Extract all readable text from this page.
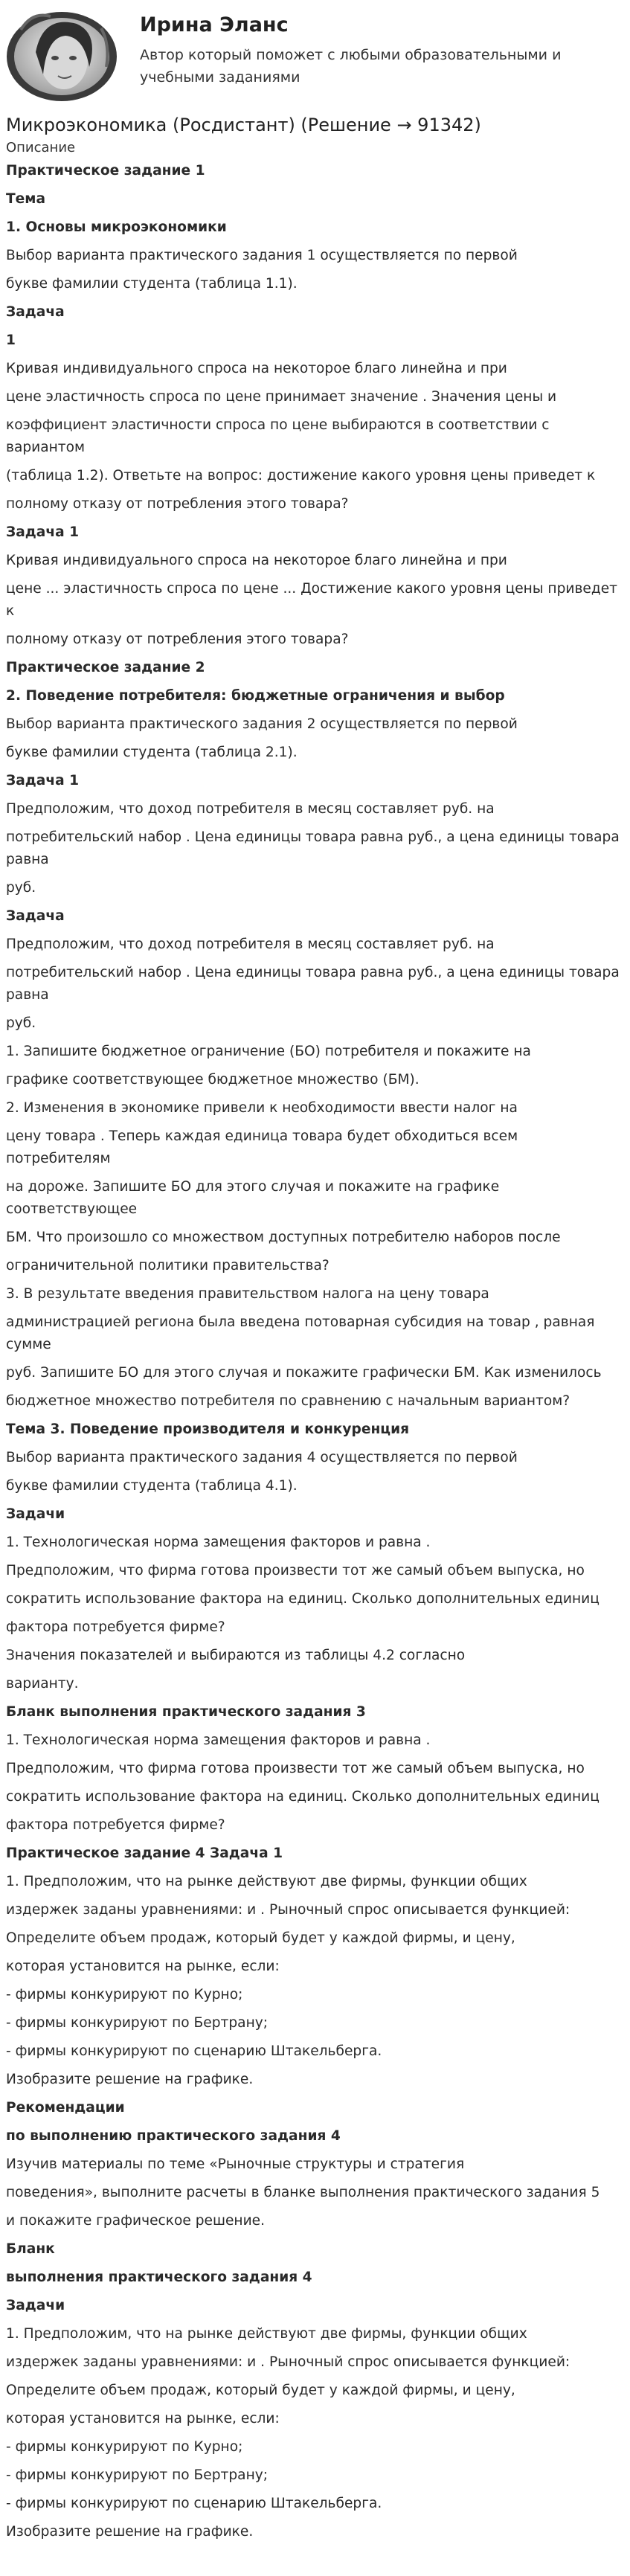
Ирина Эланс
Автор который поможет с любыми образовательными и учебными заданиями
Микроэкономика (Росдистант) (Решение → 91342)
Описание

Практическое задание 1

Тема

1. Основы микроэкономики

Выбор варианта практического задания 1 осуществляется по первой

букве фамилии студента (таблица 1.1).

Задача

1

Кривая индивидуального спроса на некоторое благо линейна и при

цене эластичность спроса по цене принимает значение . Значения цены и

коэффициент эластичности спроса по цене выбираются в соответствии с вариантом

(таблица 1.2). Ответьте на вопрос: достижение какого уровня цены приведет к

полному отказу от потребления этого товара?

Задача 1

Кривая индивидуального спроса на некоторое благо линейна и при

цене ... эластичность спроса по цене ... Достижение какого уровня цены приведет к

полному отказу от потребления этого товара?

Практическое задание 2

2. Поведение потребителя: бюджетные ограничения и выбор

Выбор варианта практического задания 2 осуществляется по первой

букве фамилии студента (таблица 2.1).

Задача 1

Предположим, что доход потребителя в месяц составляет руб. на

потребительский набор . Цена единицы товара равна руб., а цена единицы товара равна

руб.

Задача

Предположим, что доход потребителя в месяц составляет руб. на

потребительский набор . Цена единицы товара равна руб., а цена единицы товара равна

руб.

1. Запишите бюджетное ограничение (БО) потребителя и покажите на

графике соответствующее бюджетное множество (БМ).

2. Изменения в экономике привели к необходимости ввести налог на

цену товара . Теперь каждая единица товара будет обходиться всем потребителям

на дороже. Запишите БО для этого случая и покажите на графике соответствующее

БМ. Что произошло со множеством доступных потребителю наборов после

ограничительной политики правительства?

3. В результате введения правительством налога на цену товара

администрацией региона была введена потоварная субсидия на товар , равная сумме

руб. Запишите БО для этого случая и покажите графически БМ. Как изменилось

бюджетное множество потребителя по сравнению с начальным вариантом?

Тема 3. Поведение производителя и конкуренция

Выбор варианта практического задания 4 осуществляется по первой

букве фамилии студента (таблица 4.1).

Задачи

1. Технологическая норма замещения факторов и равна .

Предположим, что фирма готова произвести тот же самый объем выпуска, но

сократить использование фактора на единиц. Сколько дополнительных единиц

фактора потребуется фирме?

Значения показателей и выбираются из таблицы 4.2 согласно

варианту.

Бланк выполнения практического задания 3

1. Технологическая норма замещения факторов и равна .

Предположим, что фирма готова произвести тот же самый объем выпуска, но

сократить использование фактора на единиц. Сколько дополнительных единиц

фактора потребуется фирме?

Практическое задание 4 Задача 1

1. Предположим, что на рынке действуют две фирмы, функции общих

издержек заданы уравнениями: и . Рыночный спрос описывается функцией:

Определите объем продаж, который будет у каждой фирмы, и цену,

которая установится на рынке, если:

- фирмы конкурируют по Курно;

- фирмы конкурируют по Бертрану;

- фирмы конкурируют по сценарию Штакельберга.

Изобразите решение на графике.

Рекомендации

по выполнению практического задания 4

Изучив материалы по теме «Рыночные структуры и стратегия

поведения», выполните расчеты в бланке выполнения практического задания 5

и покажите графическое решение.

Бланк

выполнения практического задания 4

Задачи

1. Предположим, что на рынке действуют две фирмы, функции общих

издержек заданы уравнениями: и . Рыночный спрос описывается функцией:

Определите объем продаж, который будет у каждой фирмы, и цену,

которая установится на рынке, если:

- фирмы конкурируют по Курно;

- фирмы конкурируют по Бертрану;

- фирмы конкурируют по сценарию Штакельберга.

Изобразите решение на графике.
